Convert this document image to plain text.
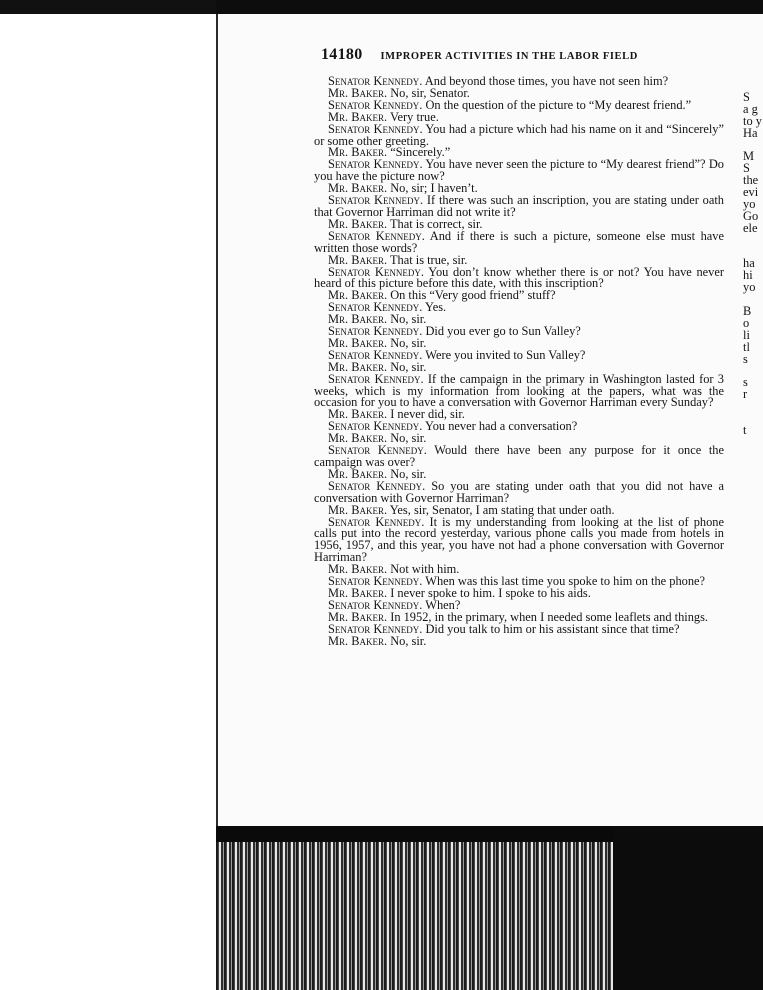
14180 IMPROPER ACTIVITIES IN THE LABOR FIELD

Senator Kennedy. And beyond those times, you have not seen him?

Mr. Baker. No, sir, Senator.

Senator Kennedy. On the question of the picture to “My dearest friend.”

Mr. Baker. Very true.

Senator Kennedy. You had a picture which had his name on it and “Sincerely” or some other greeting.

Mr. Baker. “Sincerely.”

Senator Kennedy. You have never seen the picture to “My dearest friend”? Do you have the picture now?

Mr. Baker. No, sir; I haven’t.

Senator Kennedy. If there was such an inscription, you are stating under oath that Governor Harriman did not write it?

Mr. Baker. That is correct, sir.

Senator Kennedy. And if there is such a picture, someone else must have written those words?

Mr. Baker. That is true, sir.

Senator Kennedy. You don’t know whether there is or not? You have never heard of this picture before this date, with this inscription?

Mr. Baker. On this “Very good friend” stuff?

Senator Kennedy. Yes.

Mr. Baker. No, sir.

Senator Kennedy. Did you ever go to Sun Valley?

Mr. Baker. No, sir.

Senator Kennedy. Were you invited to Sun Valley?

Mr. Baker. No, sir.

Senator Kennedy. If the campaign in the primary in Washington lasted for 3 weeks, which is my information from looking at the papers, what was the occasion for you to have a conversation with Governor Harriman every Sunday?

Mr. Baker. I never did, sir.

Senator Kennedy. You never had a conversation?

Mr. Baker. No, sir.

Senator Kennedy. Would there have been any purpose for it once the campaign was over?

Mr. Baker. No, sir.

Senator Kennedy. So you are stating under oath that you did not have a conversation with Governor Harriman?

Mr. Baker. Yes, sir, Senator, I am stating that under oath.

Senator Kennedy. It is my understanding from looking at the list of phone calls put into the record yesterday, various phone calls you made from hotels in 1956, 1957, and this year, you have not had a phone conversation with Governor Harriman?

Mr. Baker. Not with him.

Senator Kennedy. When was this last time you spoke to him on the phone?

Mr. Baker. I never spoke to him. I spoke to his aids.

Senator Kennedy. When?

Mr. Baker. In 1952, in the primary, when I needed some leaflets and things.

Senator Kennedy. Did you talk to him or his assistant since that time?

Mr. Baker. No, sir.

S
a g
to y
Ha
M
S
the
evi
yo
Go
ele
ha
hi
yo
B
o
li
tl
s
s
r
t
